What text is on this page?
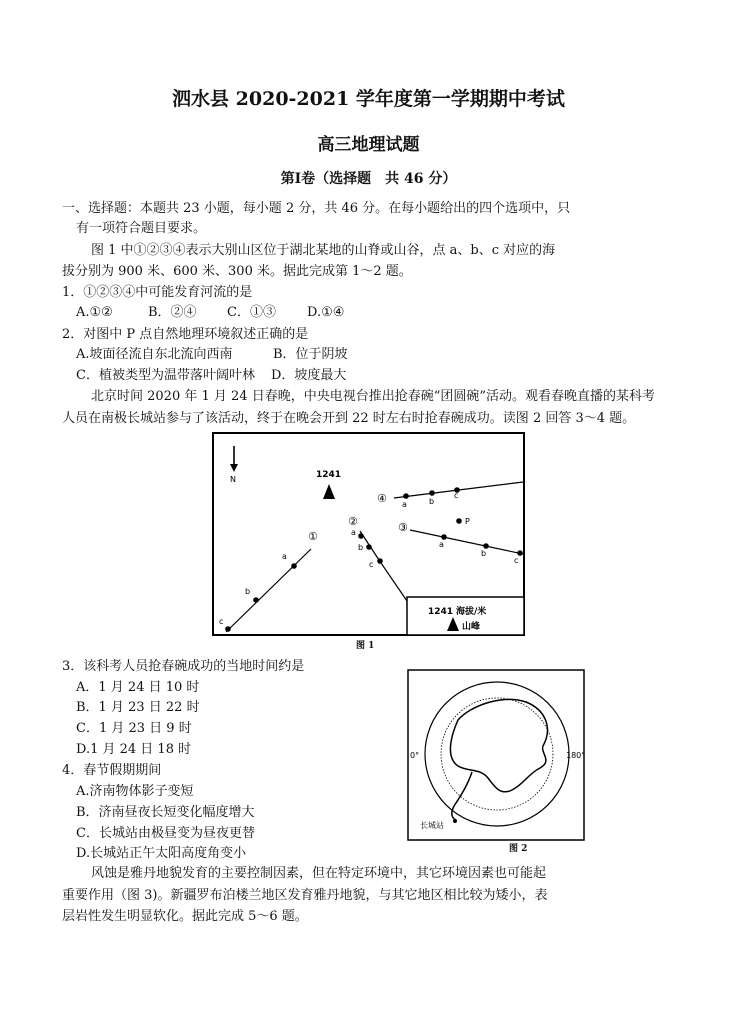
泗水县 2020-2021 学年度第一学期期中考试
高三地理试题
第Ⅰ卷（选择题　共 46 分）
一、选择题：本题共 23 小题，每小题 2 分，共 46 分。在每小题给出的四个选项中，只
有一项符合题目要求。
图 1 中①②③④表示大别山区位于湖北某地的山脊或山谷，点 a、b、c 对应的海
拔分别为 900 米、600 米、300 米。据此完成第 1～2 题。
1．①②③④中可能发育河流的是
A.①②	B．②④ C．①③ D.①④
2．对图中 P 点自然地理环境叙述正确的是
A.坡面径流自东北流向西南	B．位于阴坡
C．植被类型为温带落叶阔叶林 D．坡度最大
北京时间 2020 年 1 月 24 日春晚，中央电视台推出抢春碗“团圆碗”活动。观看春晚直播的某科考
人员在南极长城站参与了该活动，终于在晚会开到 22 时左右时抢春碗成功。读图 2 回答 3～4 题。
N	1241
①
a
b
c
②
a
b
c
③
a
b
c
P
④ a	b
c
1241 海拔/米
山峰
图 1
3．该科考人员抢春碗成功的当地时间约是
A．1 月 24 日 10 时
B．1 月 23 日 22 时
C．1 月 23 日 9 时
D.1 月 24 日 18 时	0°	180°
长城站
图 2
4．春节假期期间
A.济南物体影子变短
B．济南昼夜长短变化幅度增大
C．长城站由极昼变为昼夜更替
D.长城站正午太阳高度角变小
风蚀是雅丹地貌发育的主要控制因素，但在特定环境中，其它环境因素也可能起
重要作用（图 3)。新疆罗布泊楼兰地区发育雅丹地貌，与其它地区相比较为矮小，表
层岩性发生明显软化。据此完成 5～6 题。
